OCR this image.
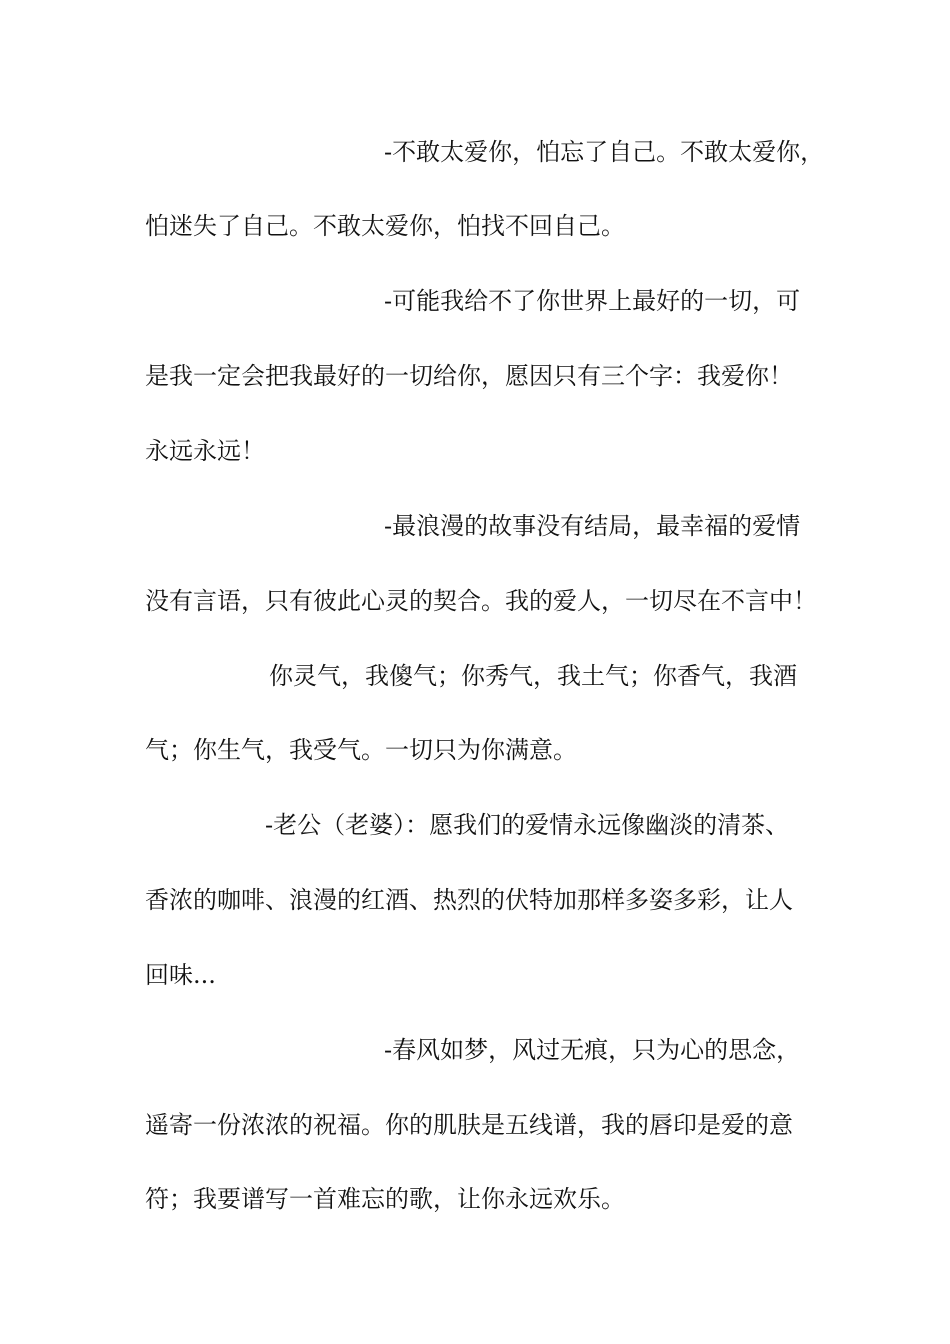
-不敢太爱你，怕忘了自己。不敢太爱你，
怕迷失了自己。不敢太爱你，怕找不回自己。
-可能我给不了你世界上最好的一切，可
是我一定会把我最好的一切给你，愿因只有三个字：我爱你！
永远永远！
-最浪漫的故事没有结局，最幸福的爱情
没有言语，只有彼此心灵的契合。我的爱人，一切尽在不言中！
你灵气，我傻气；你秀气，我土气；你香气，我酒
气；你生气，我受气。一切只为你满意。
-老公（老婆）：愿我们的爱情永远像幽淡的清茶、
香浓的咖啡、浪漫的红酒、热烈的伏特加那样多姿多彩，让人
回味...
-春风如梦，风过无痕，只为心的思念，
遥寄一份浓浓的祝福。你的肌肤是五线谱，我的唇印是爱的意
符；我要谱写一首难忘的歌，让你永远欢乐。
